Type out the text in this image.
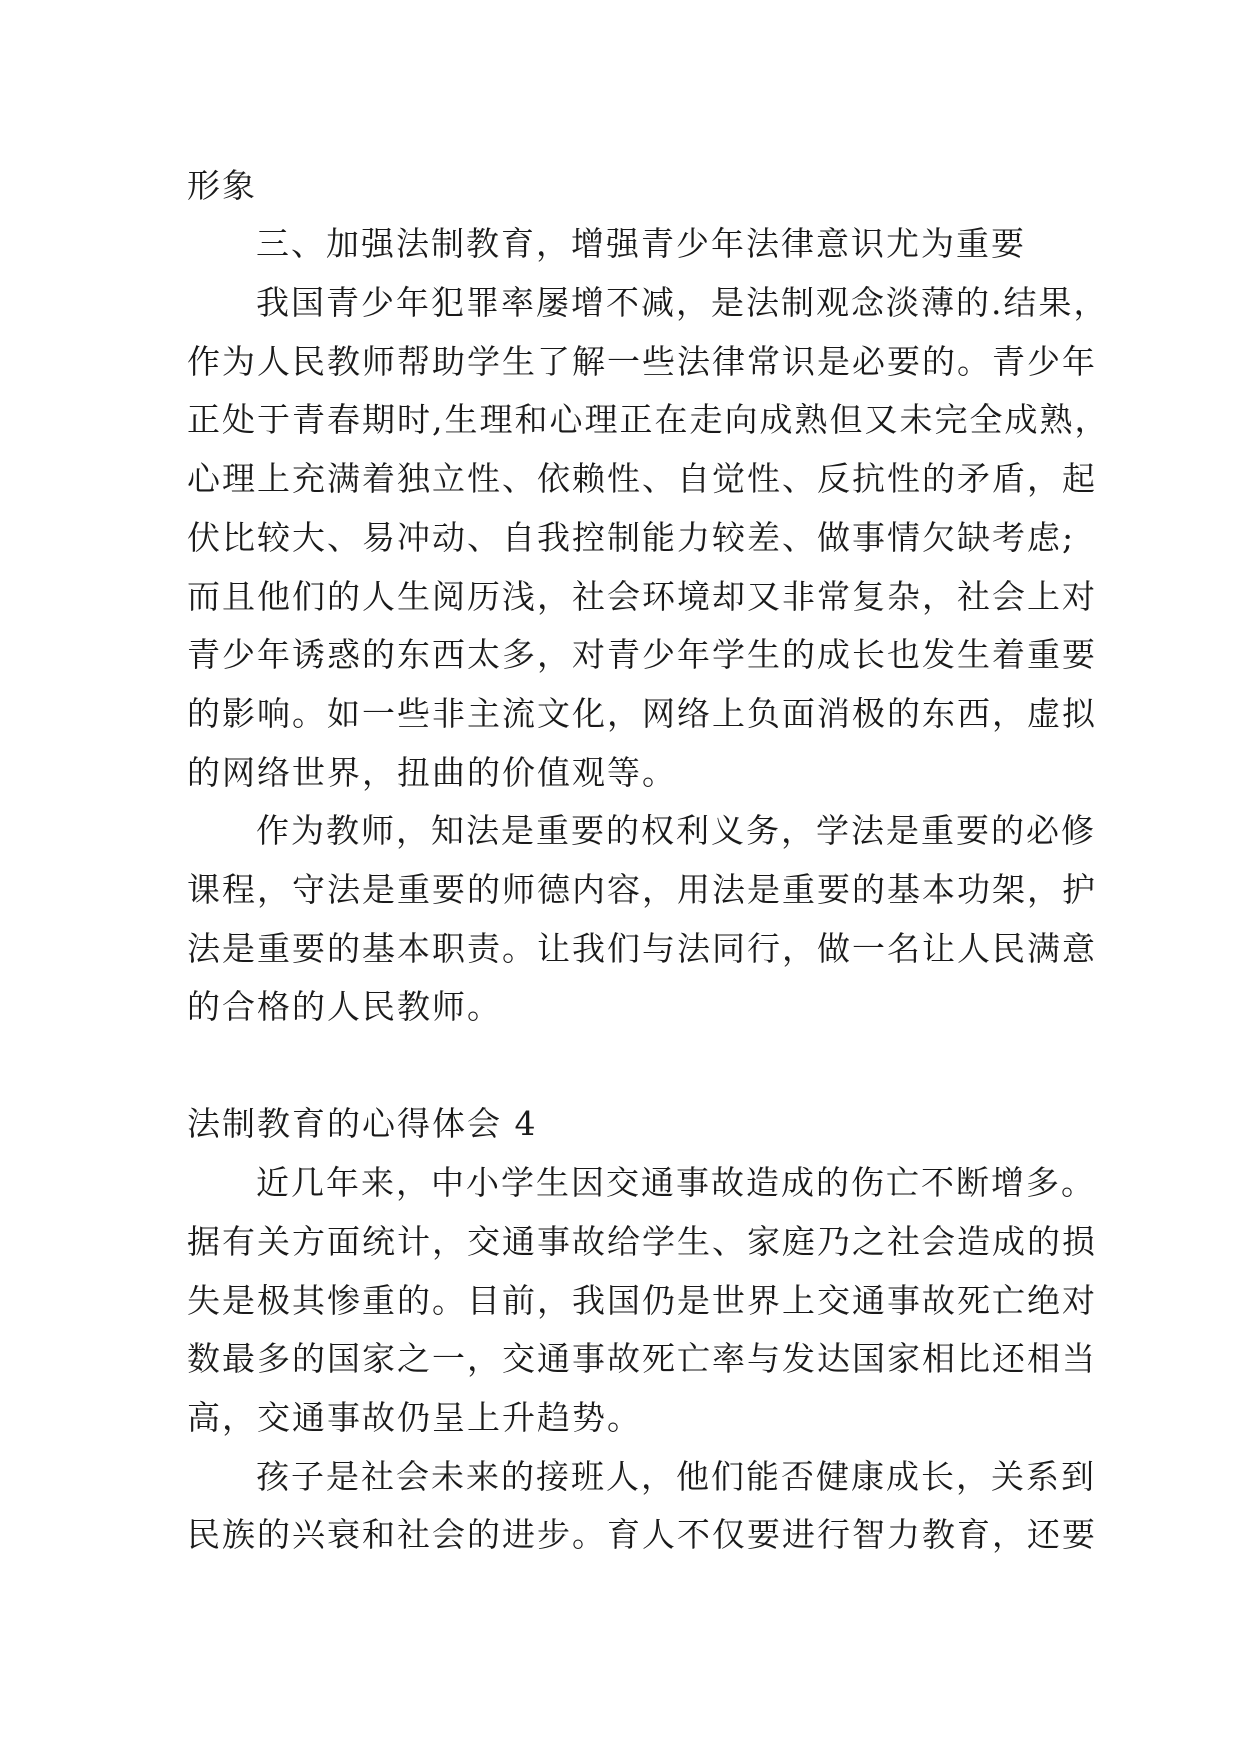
形象
三、加强法制教育，增强青少年法律意识尤为重要
我国青少年犯罪率屡增不减，是法制观念淡薄的.结果，
作为人民教师帮助学生了解一些法律常识是必要的。青少年
正处于青春期时,生理和心理正在走向成熟但又未完全成熟，
心理上充满着独立性、依赖性、自觉性、反抗性的矛盾，起
伏比较大、易冲动、自我控制能力较差、做事情欠缺考虑;
而且他们的人生阅历浅，社会环境却又非常复杂，社会上对
青少年诱惑的东西太多，对青少年学生的成长也发生着重要
的影响。如一些非主流文化，网络上负面消极的东西，虚拟
的网络世界，扭曲的价值观等。
作为教师，知法是重要的权利义务，学法是重要的必修
课程，守法是重要的师德内容，用法是重要的基本功架，护
法是重要的基本职责。让我们与法同行，做一名让人民满意
的合格的人民教师。
法制教育的心得体会 4
近几年来，中小学生因交通事故造成的伤亡不断增多。
据有关方面统计，交通事故给学生、家庭乃之社会造成的损
失是极其惨重的。目前，我国仍是世界上交通事故死亡绝对
数最多的国家之一，交通事故死亡率与发达国家相比还相当
高，交通事故仍呈上升趋势。
孩子是社会未来的接班人，他们能否健康成长，关系到
民族的兴衰和社会的进步。育人不仅要进行智力教育，还要
